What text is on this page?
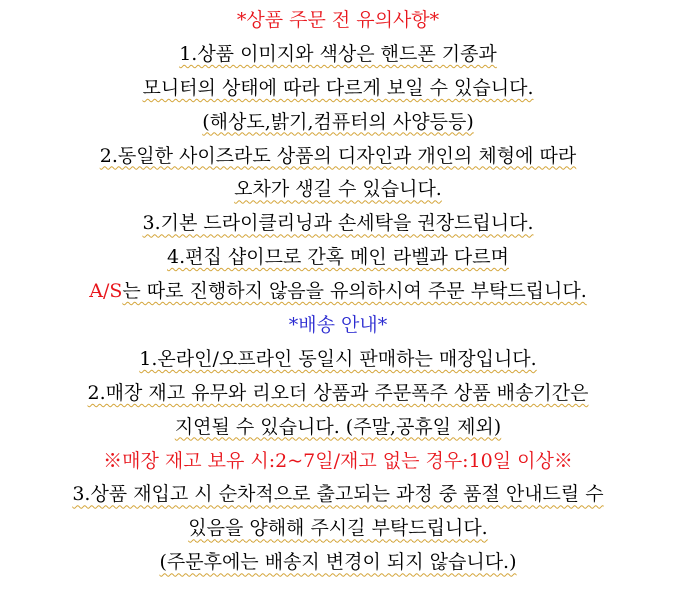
*상품 주문 전 유의사항*
1.상품 이미지와 색상은 핸드폰 기종과
모니터의 상태에 따라 다르게 보일 수 있습니다.
(해상도,밝기,컴퓨터의 사양등등)
2.동일한 사이즈라도 상품의 디자인과 개인의 체형에 따라
오차가 생길 수 있습니다.
3.기본 드라이클리닝과 손세탁을 권장드립니다.
4.편집 샵이므로 간혹 메인 라벨과 다르며
A/S는 따로 진행하지 않음을 유의하시여 주문 부탁드립니다.
*배송 안내*
1.온라인/오프라인 동일시 판매하는 매장입니다.
2.매장 재고 유무와 리오더 상품과 주문폭주 상품 배송기간은
지연될 수 있습니다. (주말,공휴일 제외)
※매장 재고 보유 시:2~7일/재고 없는 경우:10일 이상※
3.상품 재입고 시 순차적으로 출고되는 과정 중 품절 안내드릴 수
있음을 양해해 주시길 부탁드립니다.
(주문후에는 배송지 변경이 되지 않습니다.)
